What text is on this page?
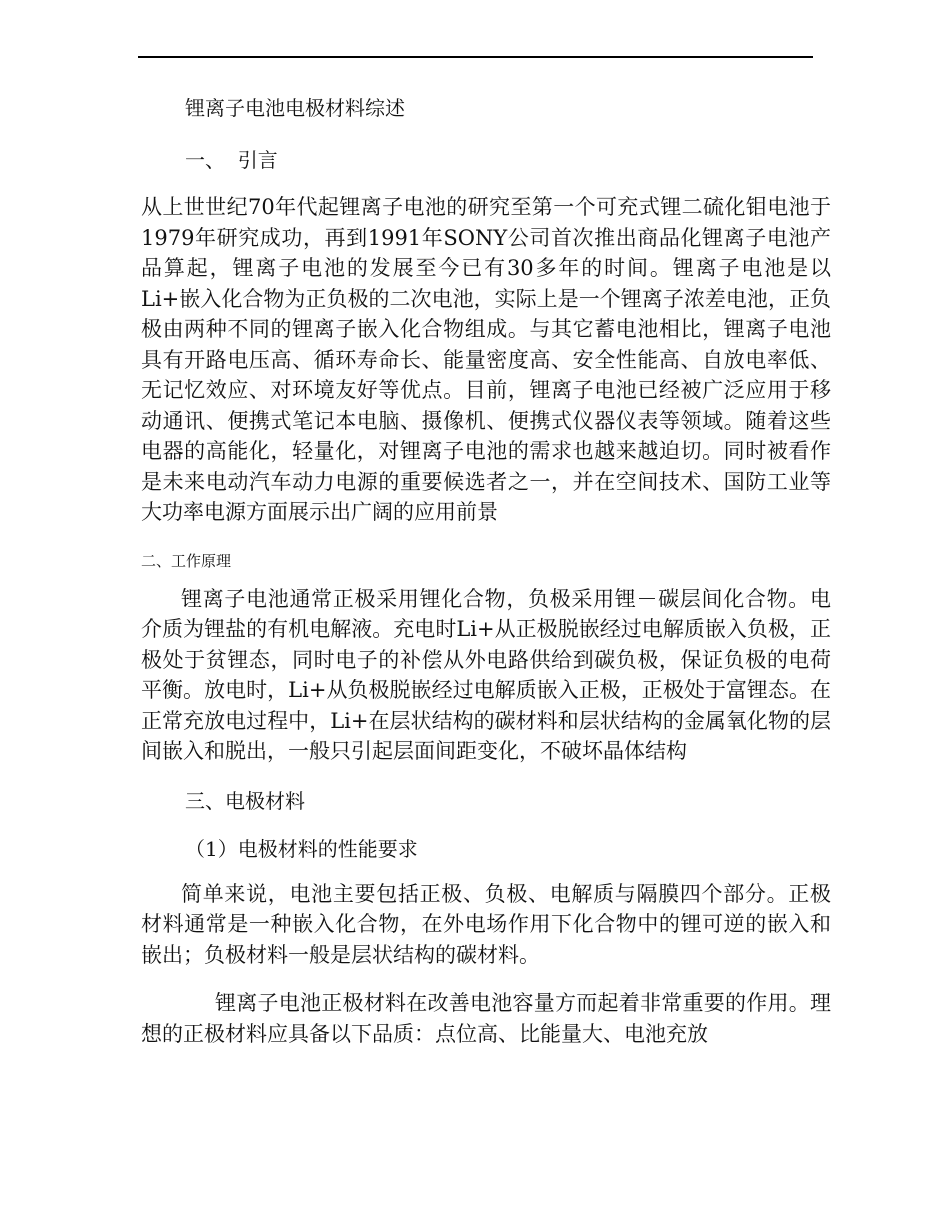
锂离子电池电极材料综述
一、  引言

从上世世纪70年代起锂离子电池的研究至第一个可充式锂二硫化钼电池于1979年研究成功，再到1991年SONY公司首次推出商品化锂离子电池产品算起，锂离子电池的发展至今已有30多年的时间。锂离子电池是以Li+嵌入化合物为正负极的二次电池，实际上是一个锂离子浓差电池，正负极由两种不同的锂离子嵌入化合物组成。与其它蓄电池相比，锂离子电池具有开路电压高、循环寿命长、能量密度高、安全性能高、自放电率低、无记忆效应、对环境友好等优点。目前，锂离子电池已经被广泛应用于移动通讯、便携式笔记本电脑、摄像机、便携式仪器仪表等领域。随着这些电器的高能化，轻量化，对锂离子电池的需求也越来越迫切。同时被看作是未来电动汽车动力电源的重要候选者之一，并在空间技术、国防工业等大功率电源方面展示出广阔的应用前景

二、工作原理

锂离子电池通常正极采用锂化合物，负极采用锂－碳层间化合物。电介质为锂盐的有机电解液。充电时Li+从正极脱嵌经过电解质嵌入负极，正极处于贫锂态，同时电子的补偿从外电路供给到碳负极，保证负极的电荷平衡。放电时，Li+从负极脱嵌经过电解质嵌入正极，正极处于富锂态。在正常充放电过程中，Li+在层状结构的碳材料和层状结构的金属氧化物的层间嵌入和脱出，一般只引起层面间距变化，不破坏晶体结构

三、电极材料
（1）电极材料的性能要求

简单来说，电池主要包括正极、负极、电解质与隔膜四个部分。正极材料通常是一种嵌入化合物，在外电场作用下化合物中的锂可逆的嵌入和嵌出；负极材料一般是层状结构的碳材料。

锂离子电池正极材料在改善电池容量方而起着非常重要的作用。理想的正极材料应具备以下品质：点位高、比能量大、电池充放
